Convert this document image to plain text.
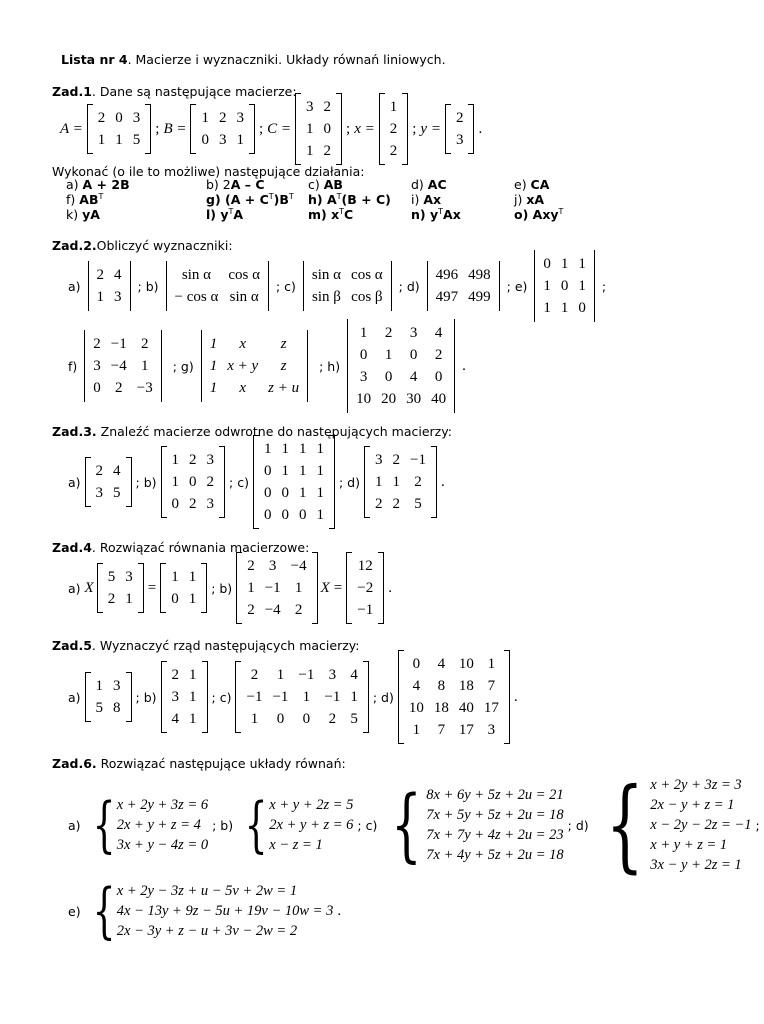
Lista nr 4. Macierze i wyznaczniki. Układy równań liniowych.
Zad.1. Dane są następujące macierze:
A =
2 0 3
1 1 5
; B =
1 2 3
0 3 1
; C =
3 2
1 0
1 2
; x =
1
2
2
; y =
2
3
.
Wykonać (o ile to możliwe) następujące działania:
a) A + 2B	b) 2A – C	c) AB	d) AC	e) CA
f) $AB^T$	g) $(A + C^T)B^T$	h) $A^T(B + C)$	i) Ax	j) xA
k) yA	l) $y^TA$	m) $x^TC$	n) $y^TAx$	o) Axy$^T$
Zad.2.Obliczyć wyznaczniki:
a)
2 4
1 3
; b)
sin α	cos α
− cos α sin α
; c)
sin α cos α
sin β cos β
; d)
496 498
497 499
; e)
0 1 1
1 0 1
1 1 0
;
f)
2 −1 2
3 −4 1
0 2 −3
; g)
1	x	z
1 x + y	z
1	x	z + u
; h)
1 2 3 4
0 1 0 2
3 0 4 0
10 20 30 40
.
Zad.3. Znaleźć macierze odwrotne do następujących macierzy:
a)
2 4
3 5
; b)
1 2 3
1 0 2
0 2 3
; c)
1 1 1 1
0 1 1 1
0 0 1 1
0 0 0 1
; d)
3 2 −1
1 1 2
2 2 5
.
Zad.4. Rozwiązać równania macierzowe:
a) X
5 3
2 1
=
1 1
0 1
; b)
2 3 −4
1 −1 1
2 −4 2
X =
12
−2
−1
.
Zad.5. Wyznaczyć rząd następujących macierzy:
a)
1 3
5 8
; b)
2 1
3 1
4 1
; c)
2 1 −1 3 4
−1 −1 1 −1 1
1 0 0 2 5
; d)
0 4 10 1
4 8 18 7
10 18 40 17
1 7 17 3
.
Zad.6. Rozwiązać następujące układy równań:
a) { x + 2y + 3z = 6
2x + y + z = 4
3x + y − 4z = 0
; b) { x + y + 2z = 5
2x + y + z = 6
x − z = 1
; c) { 8x + 6y + 5z + 2u = 21
7x + 5y + 5z + 2u = 18
7x + 7y + 4z + 2u = 23
7x + 4y + 5z + 2u = 18
; d) { x + 2y + 3z = 3
2x − y + z = 1
x − 2y − 2z = −1
x + y + z = 1
3x − y + 2z = 1
;
e) { x + 2y − 3z + u − 5v + 2w = 1
4x − 13y + 9z − 5u + 19v − 10w = 3
2x − 3y + z − u + 3v − 2w = 2
.
